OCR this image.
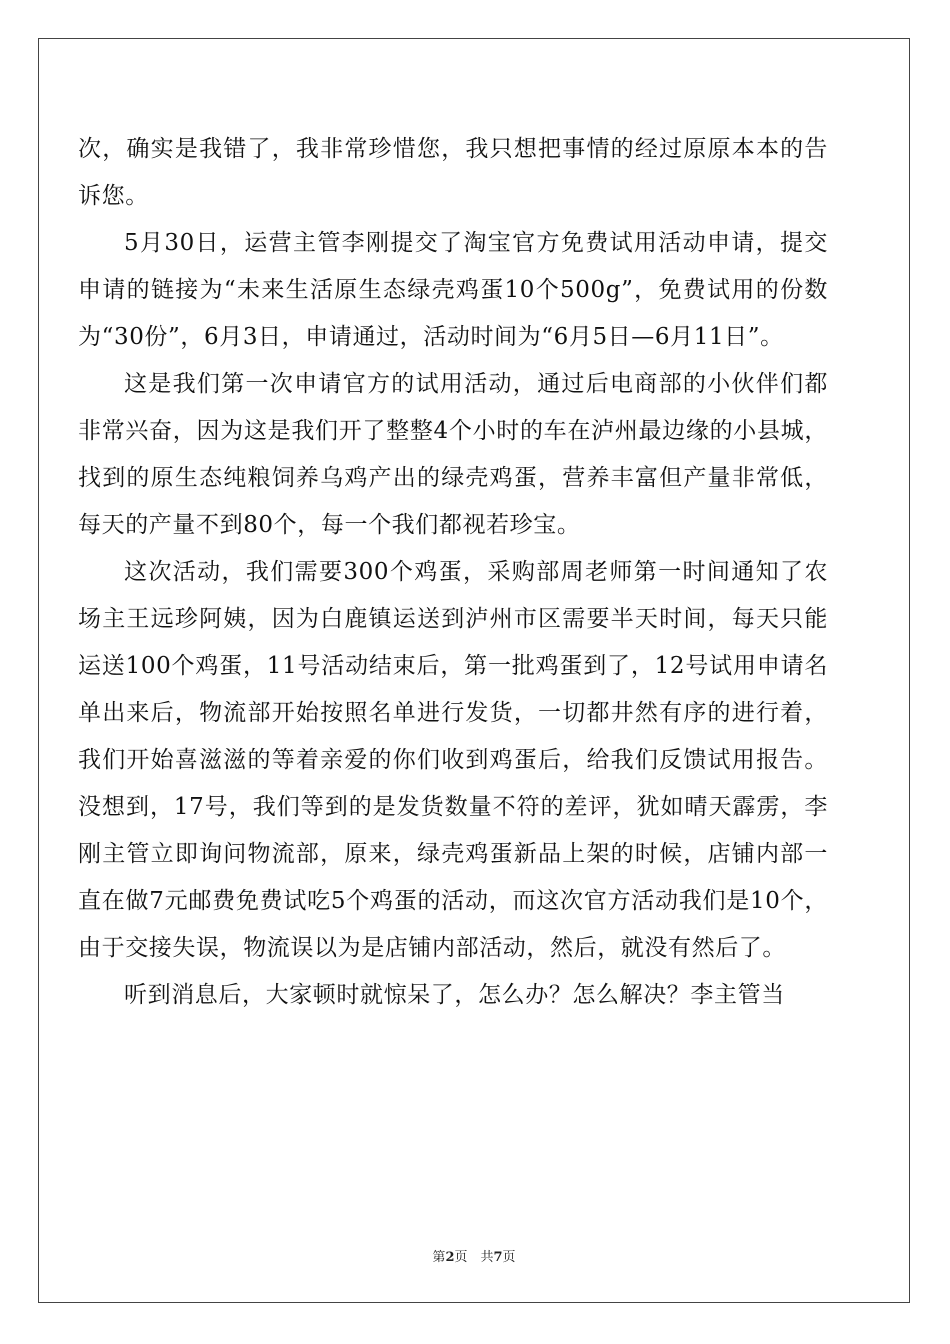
次，确实是我错了，我非常珍惜您，我只想把事情的经过原原本本的告诉您。

5月30日，运营主管李刚提交了淘宝官方免费试用活动申请，提交申请的链接为“未来生活原生态绿壳鸡蛋10个500g”，免费试用的份数为“30份”，6月3日，申请通过，活动时间为“6月5日—6月11日”。

这是我们第一次申请官方的试用活动，通过后电商部的小伙伴们都非常兴奋，因为这是我们开了整整4个小时的车在泸州最边缘的小县城，找到的原生态纯粮饲养乌鸡产出的绿壳鸡蛋，营养丰富但产量非常低，每天的产量不到80个，每一个我们都视若珍宝。

这次活动，我们需要300个鸡蛋，采购部周老师第一时间通知了农场主王远珍阿姨，因为白鹿镇运送到泸州市区需要半天时间，每天只能运送100个鸡蛋，11号活动结束后，第一批鸡蛋到了，12号试用申请名单出来后，物流部开始按照名单进行发货，一切都井然有序的进行着，我们开始喜滋滋的等着亲爱的你们收到鸡蛋后，给我们反馈试用报告。没想到，17号，我们等到的是发货数量不符的差评，犹如晴天霹雳，李刚主管立即询问物流部，原来，绿壳鸡蛋新品上架的时候，店铺内部一直在做7元邮费免费试吃5个鸡蛋的活动，而这次官方活动我们是10个，由于交接失误，物流误以为是店铺内部活动，然后，就没有然后了。

听到消息后，大家顿时就惊呆了，怎么办？怎么解决？李主管当

第2页　共7页
